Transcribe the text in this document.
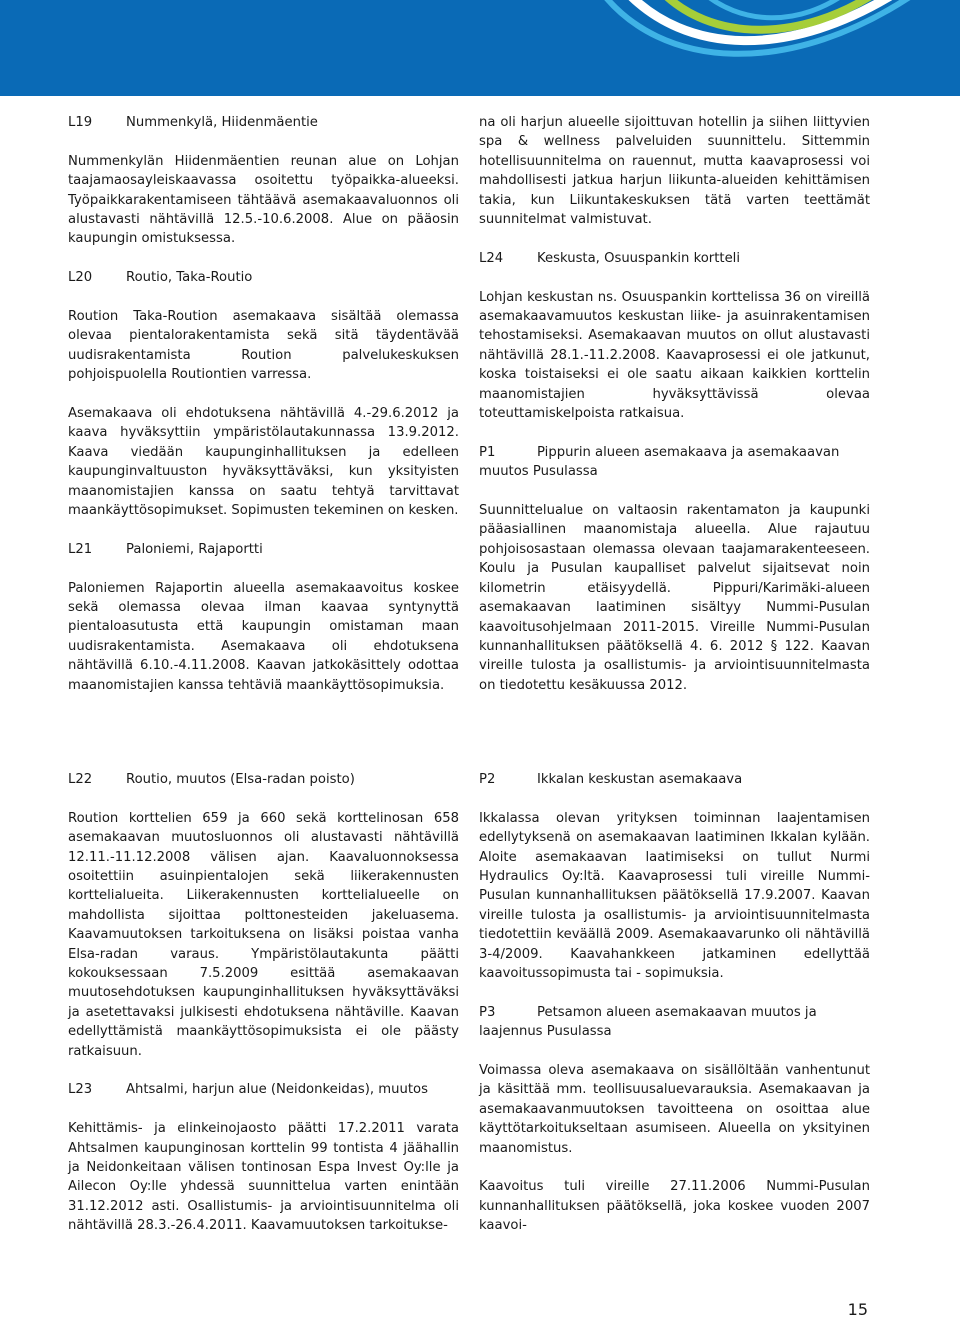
L19	Nummenkylä, Hiidenmäentie

Nummenkylän Hiidenmäentien reunan alue on Lohjan taajamaosayleiskaavassa osoitettu työpaikka-alueeksi. Työpaikkarakentamiseen tähtäävä asemakaavaluonnos oli alustavasti nähtävillä 12.5.-10.6.2008. Alue on pääosin kaupungin omistuksessa.

L20	Routio, Taka-Routio

Roution Taka-Roution asemakaava sisältää olemassa olevaa pientalorakentamista sekä sitä täydentävää uudisrakentamista Roution palvelukeskuksen pohjoispuolella Routiontien varressa.

Asemakaava oli ehdotuksena nähtävillä 4.-29.6.2012 ja kaava hyväksyttiin ympäristölautakunnassa 13.9.2012. Kaava viedään kaupunginhallituksen ja edelleen kaupunginvaltuuston hyväksyttäväksi, kun yksityisten maanomistajien kanssa on saatu tehtyä tarvittavat maankäyttösopimukset. Sopimusten tekeminen on kesken.

L21	Paloniemi, Rajaportti

Paloniemen Rajaportin alueella asemakaavoitus koskee sekä olemassa olevaa ilman kaavaa syntynyttä pientaloasutusta että kaupungin omistaman maan uudisrakentamista. Asemakaava oli ehdotuksena nähtävillä 6.10.-4.11.2008. Kaavan jatkokäsittely odottaa maanomistajien kanssa tehtäviä maankäyttösopimuksia.

na oli harjun alueelle sijoittuvan hotellin ja siihen liittyvien spa & wellness palveluiden suunnittelu. Sittemmin hotellisuunnitelma on rauennut, mutta kaavaprosessi voi mahdollisesti jatkua harjun liikunta-alueiden kehittämisen takia, kun Liikuntakeskuksen tätä varten teettämät suunnitelmat valmistuvat.

L24	Keskusta, Osuuspankin kortteli

Lohjan keskustan ns. Osuuspankin korttelissa 36 on vireillä asemakaavamuutos keskustan liike- ja asuinrakentamisen tehostamiseksi. Asemakaavan muutos on ollut alustavasti nähtävillä 28.1.-11.2.2008. Kaavaprosessi ei ole jatkunut, koska toistaiseksi ei ole saatu aikaan kaikkien korttelin maanomistajien hyväksyttävissä olevaa toteuttamiskelpoista ratkaisua.

P1	Pippurin alueen asemakaava ja asemakaavan muutos Pusulassa

Suunnittelualue on valtaosin rakentamaton ja kaupunki pääasiallinen maanomistaja alueella. Alue rajautuu pohjoisosastaan olemassa olevaan taajamarakenteeseen. Koulu ja Pusulan kaupalliset palvelut sijaitsevat noin kilometrin etäisyydellä. Pippuri/Karimäki-alueen asemakaavan laatiminen sisältyy Nummi-Pusulan kaavoitusohjelmaan 2011-2015. Vireille Nummi-Pusulan kunnanhallituksen päätöksellä 4. 6. 2012 § 122. Kaavan vireille tulosta ja osallistumis- ja arviointisuunnitelmasta on tiedotettu kesäkuussa 2012.

L22	Routio, muutos (Elsa-radan poisto)

Roution korttelien 659 ja 660 sekä korttelinosan 658 asemakaavan muutosluonnos oli alustavasti nähtävillä 12.11.-11.12.2008 välisen ajan. Kaavaluonnoksessa osoitettiin asuinpientalojen sekä liikerakennusten korttelialueita. Liikerakennusten korttelialueelle on mahdollista sijoittaa polttonesteiden jakeluasema. Kaavamuutoksen tarkoituksena on lisäksi poistaa vanha Elsa-radan varaus. Ympäristölautakunta päätti kokouksessaan 7.5.2009 esittää asemakaavan muutosehdotuksen kaupunginhallituksen hyväksyttäväksi ja asetettavaksi julkisesti ehdotuksena nähtäville. Kaavan edellyttämistä maankäyttösopimuksista ei ole päästy ratkaisuun.

L23	Ahtsalmi, harjun alue (Neidonkeidas), muutos

Kehittämis- ja elinkeinojaosto päätti 17.2.2011 varata Ahtsalmen kaupunginosan korttelin 99 tontista 4 jäähallin ja Neidonkeitaan välisen tontinosan Espa Invest Oy:lle ja Ailecon Oy:lle yhdessä suunnittelua varten enintään 31.12.2012 asti. Osallistumis- ja arviointisuunnitelma oli nähtävillä 28.3.-26.4.2011. Kaavamuutoksen tarkoitukse-

P2	Ikkalan keskustan asemakaava

Ikkalassa olevan yrityksen toiminnan laajentamisen edellytyksenä on asemakaavan laatiminen Ikkalan kylään. Aloite asemakaavan laatimiseksi on tullut Nurmi Hydraulics Oy:ltä. Kaavaprosessi tuli vireille Nummi-Pusulan kunnanhallituksen päätöksellä 17.9.2007. Kaavan vireille tulosta ja osallistumis- ja arviointisuunnitelmasta tiedotettiin keväällä 2009. Asemakaavarunko oli nähtävillä 3-4/2009. Kaavahankkeen jatkaminen edellyttää kaavoitussopimusta tai - sopimuksia.

P3	Petsamon alueen asemakaavan muutos ja laajennus Pusulassa

Voimassa oleva asemakaava on sisällöltään vanhentunut ja käsittää mm. teollisuusaluevarauksia. Asemakaavan ja asemakaavanmuutoksen tavoitteena on osoittaa alue käyttötarkoitukseltaan asumiseen. Alueella on yksityinen maanomistus.

Kaavoitus tuli vireille 27.11.2006 Nummi-Pusulan kunnanhallituksen päätöksellä, joka koskee vuoden 2007 kaavoi-

15
